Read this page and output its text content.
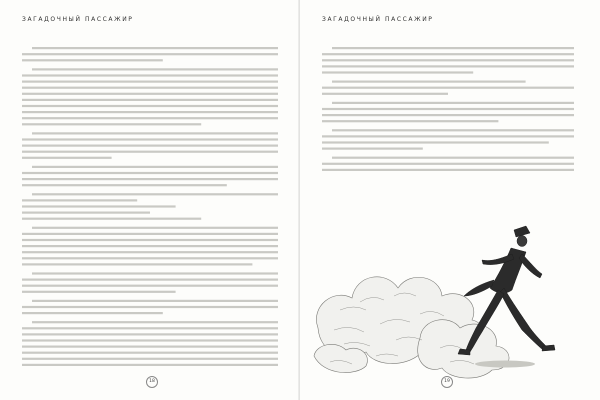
ЗАГАДОЧНЫЙ ПАССАЖИР
18
ЗАГАДОЧНЫЙ ПАССАЖИР
19
